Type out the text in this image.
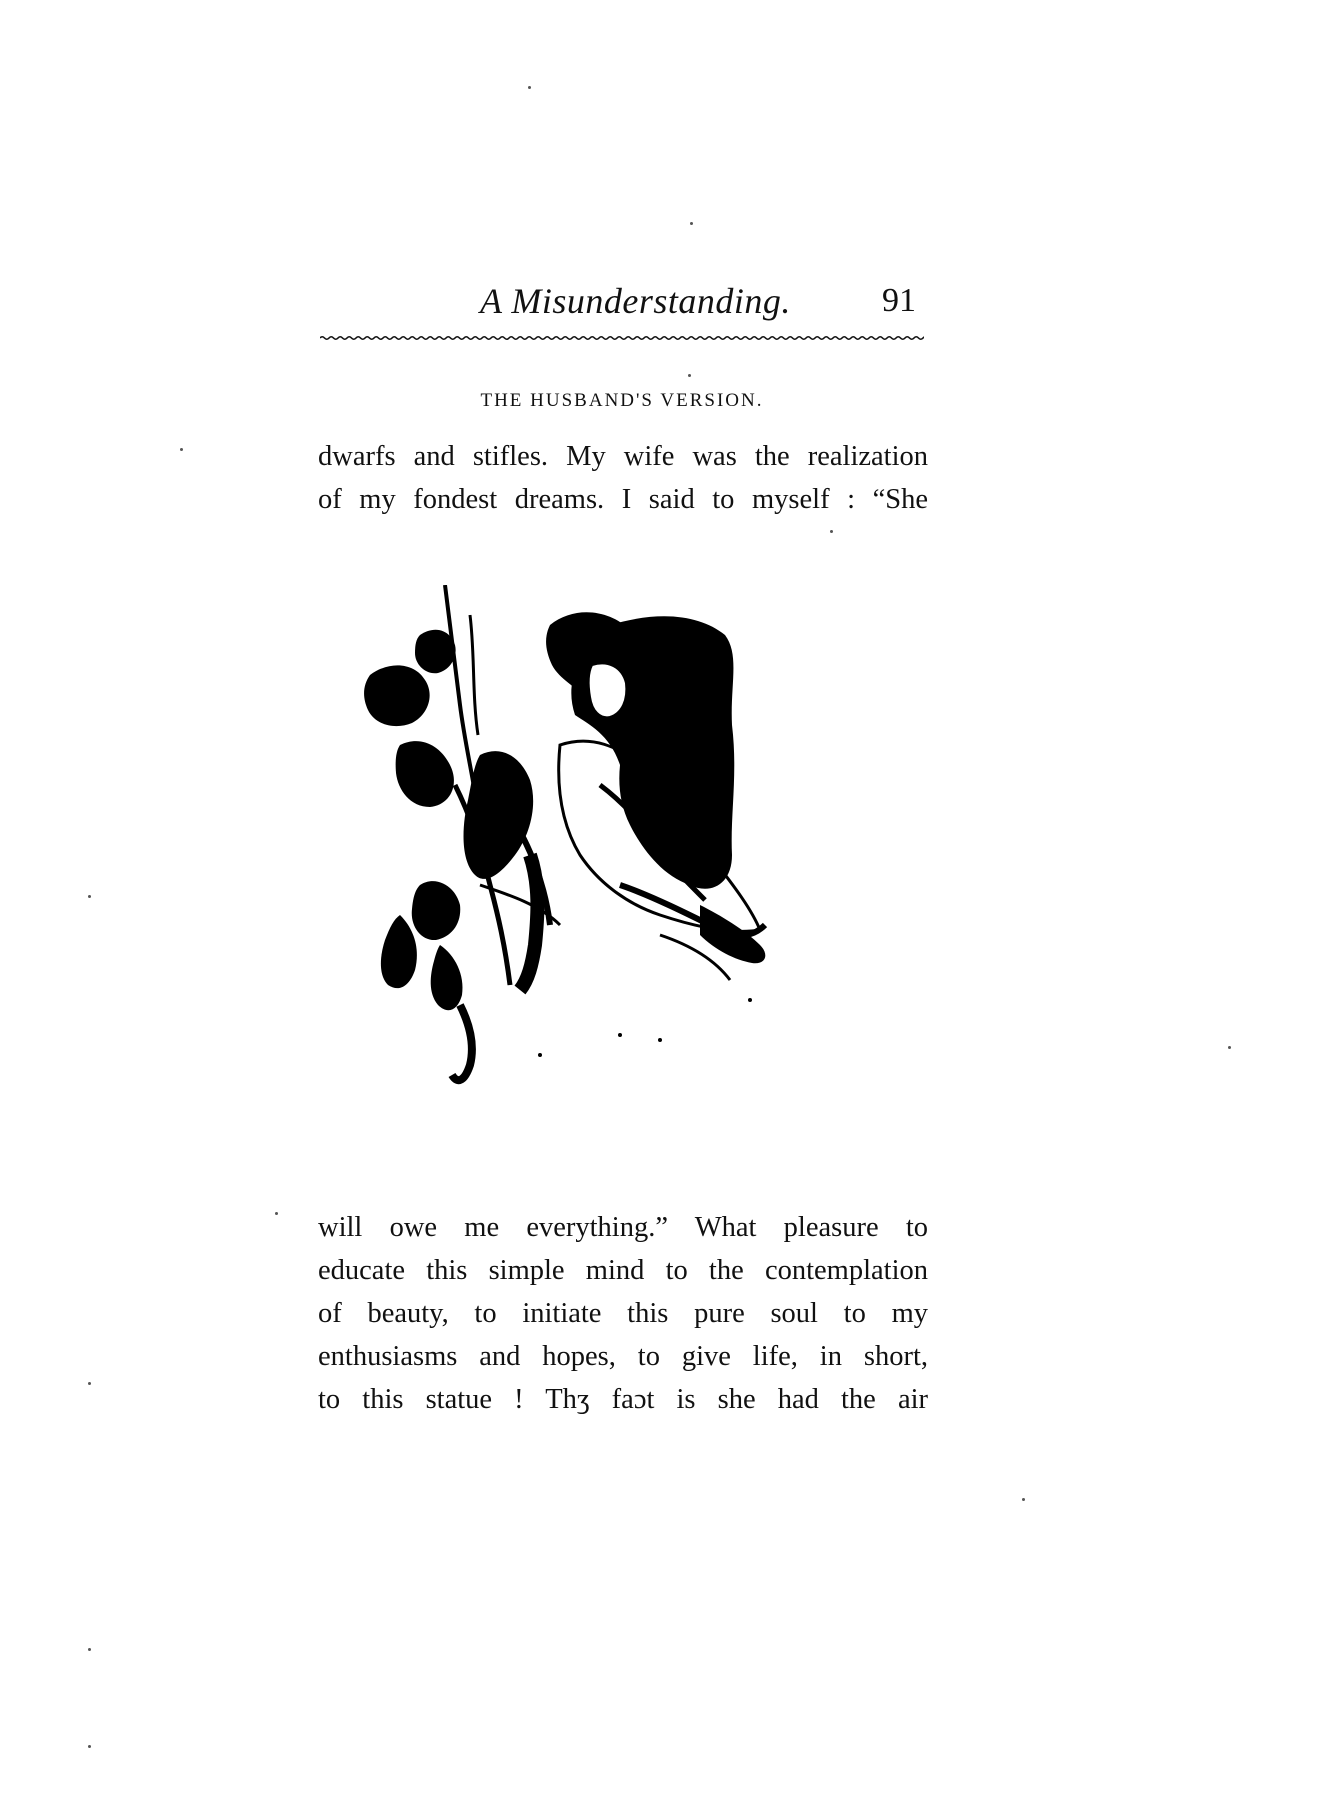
A Misunderstanding.	91
THE HUSBAND'S VERSION.
dwarfs and stifles. My wife was the realization
of my fondest dreams. I said to myself : “She
will owe me everything.” What pleasure to
educate this simple mind to the contemplation
of beauty, to initiate this pure soul to my
enthusiasms and hopes, to give life, in short,
to this statue ! Thʒ faɔt is she had the air
